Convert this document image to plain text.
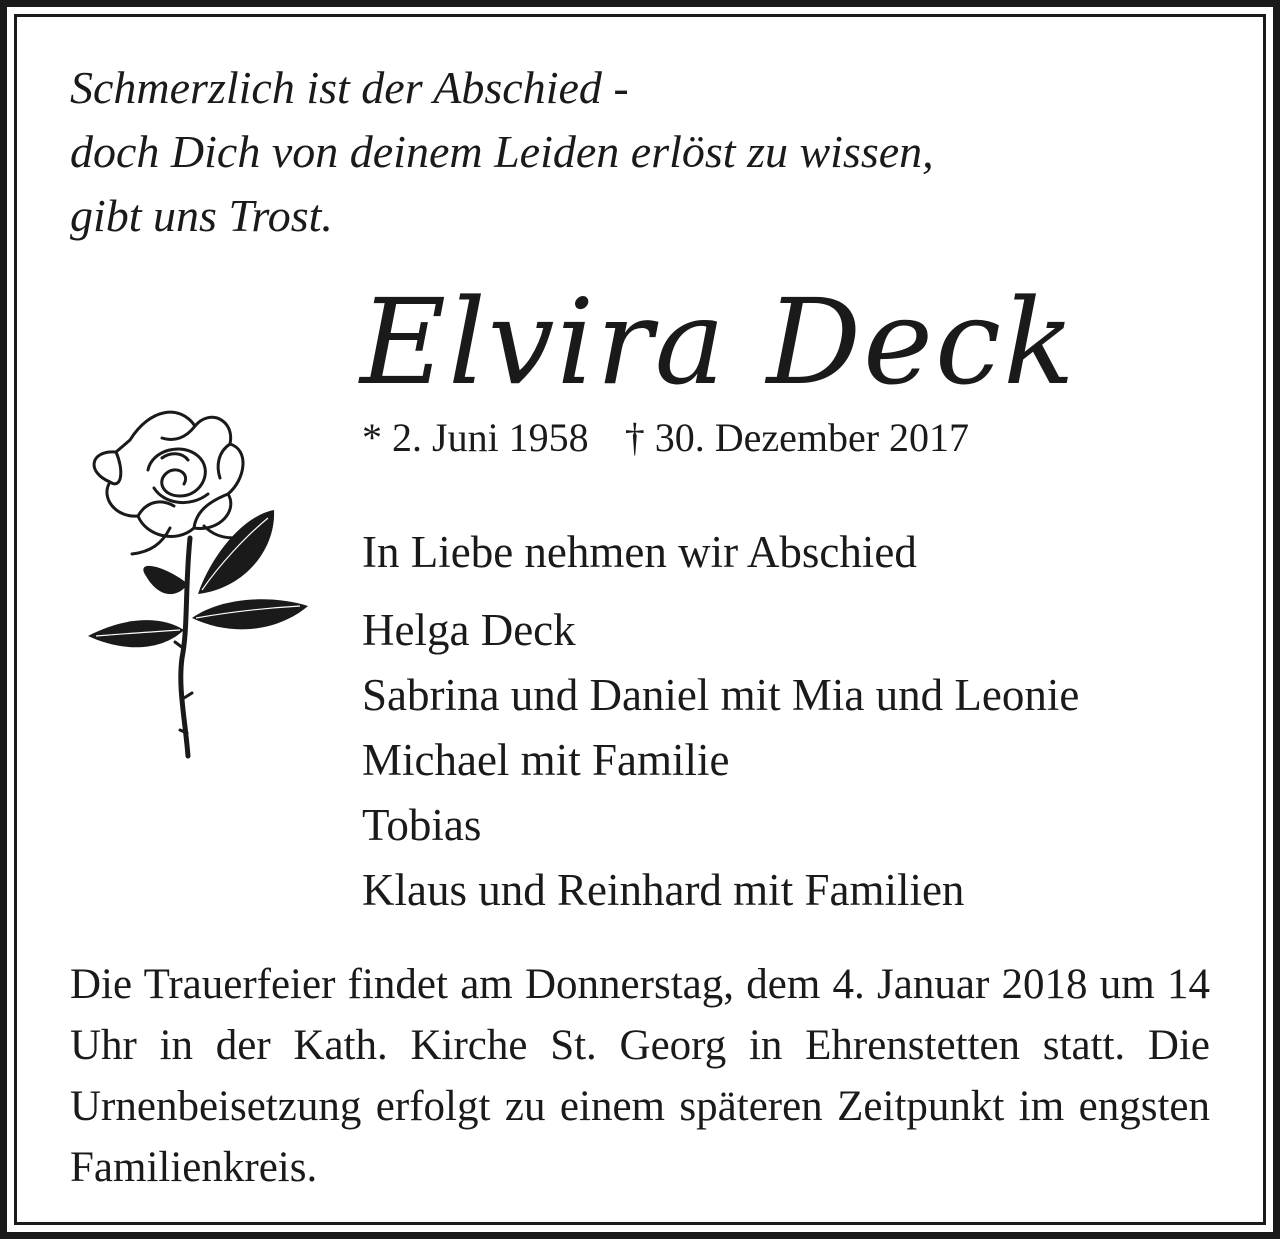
Schmerzlich ist der Abschied -
doch Dich von deinem Leiden erlöst zu wissen,
gibt uns Trost.
Elvira Deck
* 2. Juni 1958 † 30. Dezember 2017
In Liebe nehmen wir Abschied
Helga Deck
Sabrina und Daniel mit Mia und Leonie
Michael mit Familie
Tobias
Klaus und Reinhard mit Familien
Die Trauerfeier findet am Donnerstag, dem 4. Januar 2018 um 14 Uhr in der Kath. Kirche St. Georg in Ehrenstetten statt. Die Urnenbeisetzung erfolgt zu einem späteren Zeitpunkt im engsten Familienkreis.
